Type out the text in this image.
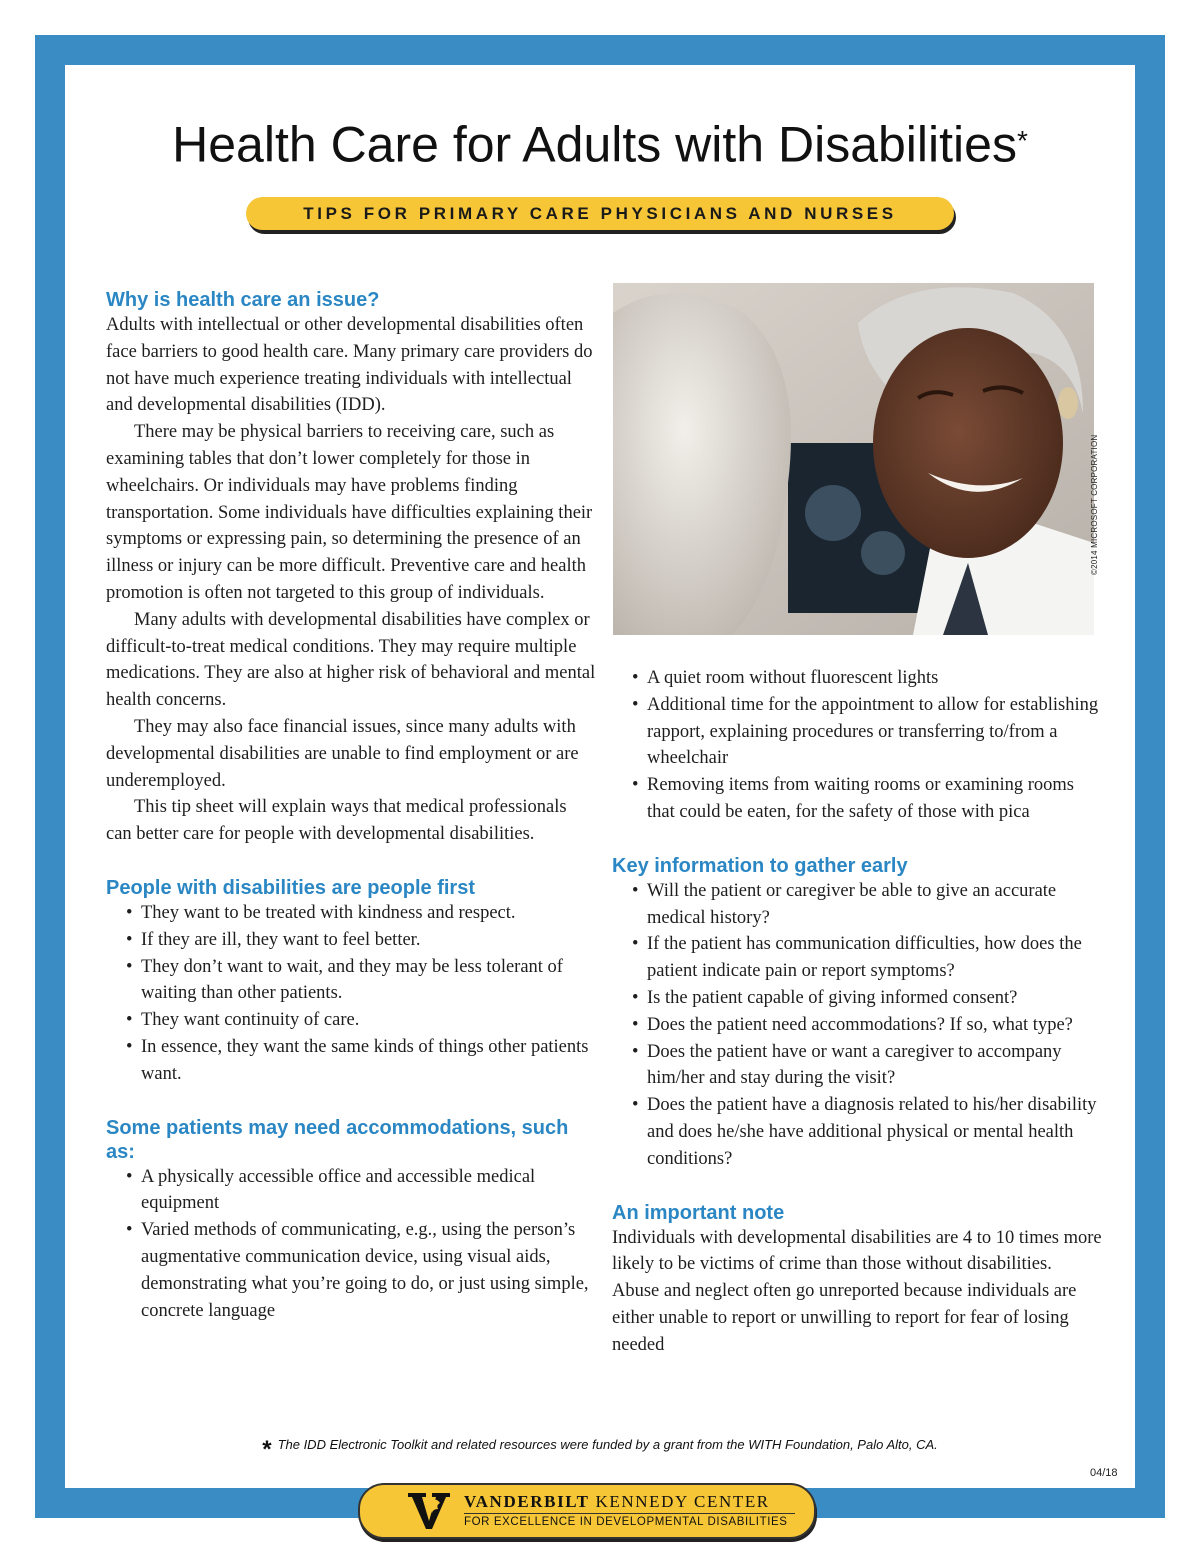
Health Care for Adults with Disabilities*
TIPS FOR PRIMARY CARE PHYSICIANS AND NURSES
Why is health care an issue?

Adults with intellectual or other developmental disabilities often face barriers to good health care. Many primary care providers do not have much experience treating individuals with intellectual and developmental disabilities (IDD).

There may be physical barriers to receiving care, such as examining tables that don’t lower completely for those in wheelchairs. Or individuals may have problems finding transportation. Some individuals have difficulties explaining their symptoms or expressing pain, so determining the presence of an illness or injury can be more difficult. Preventive care and health promotion is often not targeted to this group of individuals.

Many adults with developmental disabilities have complex or difficult-to-treat medical conditions. They may require multiple medications. They are also at higher risk of behavioral and mental health concerns.

They may also face financial issues, since many adults with developmental disabilities are unable to find employment or are underemployed.

This tip sheet will explain ways that medical professionals can better care for people with developmental disabilities.

People with disabilities are people first
• They want to be treated with kindness and respect.
• If they are ill, they want to feel better.
• They don’t want to wait, and they may be less tolerant of waiting than other patients.
• They want continuity of care.
• In essence, they want the same kinds of things other patients want.
Some patients may need accommodations, such as:
• A physically accessible office and accessible medical equipment
• Varied methods of communicating, e.g., using the person’s augmentative communication device, using visual aids, demonstrating what you’re going to do, or just using simple, concrete language
©2014 MICROSOFT CORPORATION
• A quiet room without fluorescent lights
• Additional time for the appointment to allow for establishing rapport, explaining procedures or transferring to/from a wheelchair
• Removing items from waiting rooms or examining rooms that could be eaten, for the safety of those with pica
Key information to gather early
• Will the patient or caregiver be able to give an accurate medical history?
• If the patient has communication difficulties, how does the patient indicate pain or report symptoms?
• Is the patient capable of giving informed consent?
• Does the patient need accommodations? If so, what type?
• Does the patient have or want a caregiver to accompany him/her and stay during the visit?
• Does the patient have a diagnosis related to his/her disability and does he/she have additional physical or mental health conditions?
An important note

Individuals with developmental disabilities are 4 to 10 times more likely to be victims of crime than those without disabilities. Abuse and neglect often go unreported because individuals are either unable to report or unwilling to report for fear of losing needed

* The IDD Electronic Toolkit and related resources were funded by a grant from the WITH Foundation, Palo Alto, CA.
04/18
VANDERBILT KENNEDY CENTER
FOR EXCELLENCE IN DEVELOPMENTAL DISABILITIES
